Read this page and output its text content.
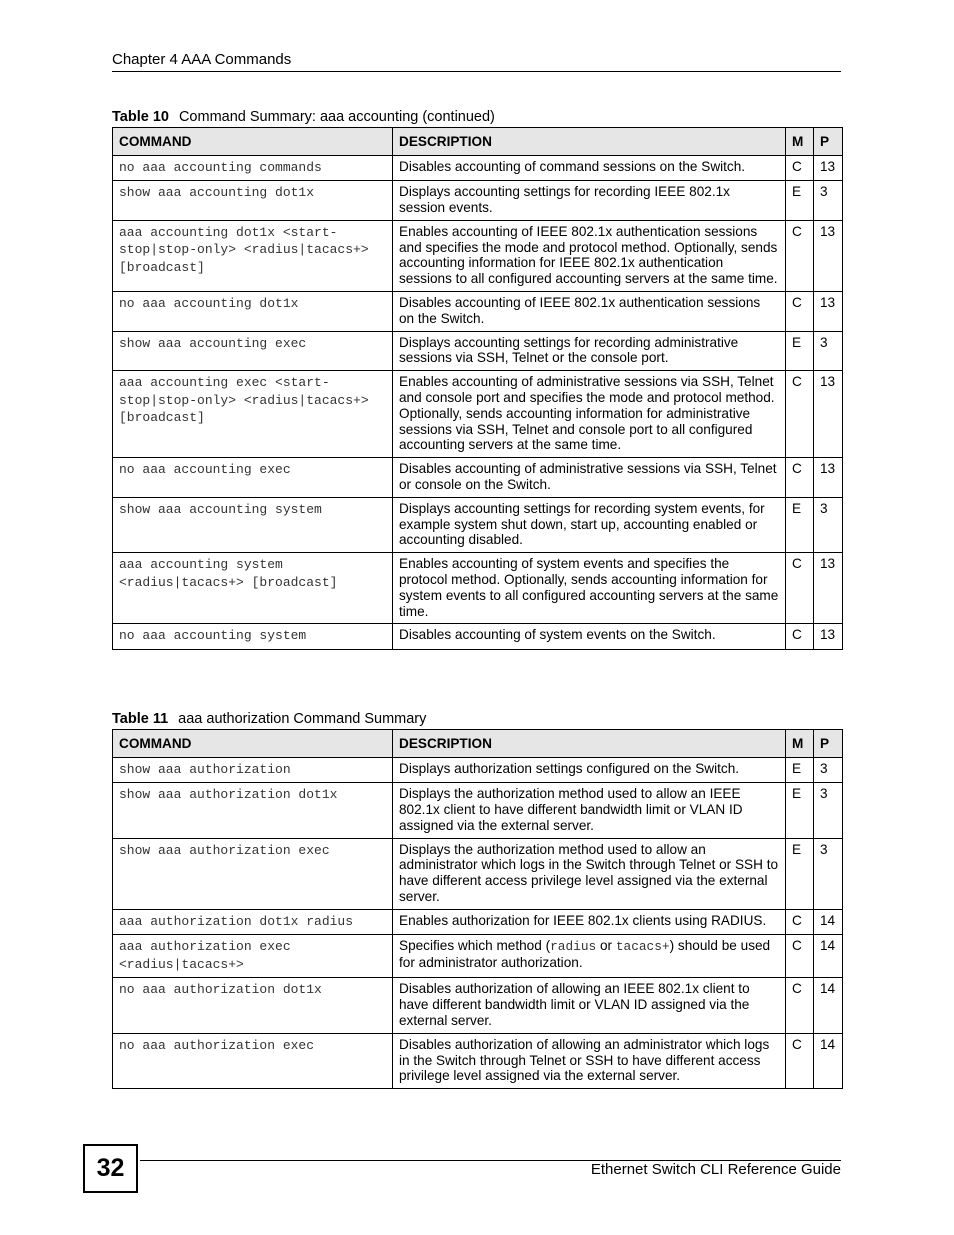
Chapter 4 AAA Commands
Table 10 Command Summary: aaa accounting (continued)
COMMAND	DESCRIPTION	M	P
no aaa accounting commands	Disables accounting of command sessions on the Switch.	C	13
show aaa accounting dot1x	Displays accounting settings for recording IEEE 802.1x session events.	E	3
aaa accounting dot1x <start-stop|stop-only> <radius|tacacs+> [broadcast]	Enables accounting of IEEE 802.1x authentication sessions and specifies the mode and protocol method. Optionally, sends accounting information for IEEE 802.1x authentication sessions to all configured accounting servers at the same time.	C	13
no aaa accounting dot1x	Disables accounting of IEEE 802.1x authentication sessions on the Switch.	C	13
show aaa accounting exec	Displays accounting settings for recording administrative sessions via SSH, Telnet or the console port.	E	3
aaa accounting exec <start-stop|stop-only> <radius|tacacs+> [broadcast]	Enables accounting of administrative sessions via SSH, Telnet and console port and specifies the mode and protocol method. Optionally, sends accounting information for administrative sessions via SSH, Telnet and console port to all configured accounting servers at the same time.	C	13
no aaa accounting exec	Disables accounting of administrative sessions via SSH, Telnet or console on the Switch.	C	13
show aaa accounting system	Displays accounting settings for recording system events, for example system shut down, start up, accounting enabled or accounting disabled.	E	3
aaa accounting system <radius|tacacs+> [broadcast]	Enables accounting of system events and specifies the protocol method. Optionally, sends accounting information for system events to all configured accounting servers at the same time.	C	13
no aaa accounting system	Disables accounting of system events on the Switch.	C	13
Table 11 aaa authorization Command Summary
COMMAND	DESCRIPTION	M	P
show aaa authorization	Displays authorization settings configured on the Switch.	E	3
show aaa authorization dot1x	Displays the authorization method used to allow an IEEE 802.1x client to have different bandwidth limit or VLAN ID assigned via the external server.	E	3
show aaa authorization exec	Displays the authorization method used to allow an administrator which logs in the Switch through Telnet or SSH to have different access privilege level assigned via the external server.	E	3
aaa authorization dot1x radius	Enables authorization for IEEE 802.1x clients using RADIUS.	C	14
aaa authorization exec <radius|tacacs+>	Specifies which method (radius or tacacs+) should be used for administrator authorization.	C	14
no aaa authorization dot1x	Disables authorization of allowing an IEEE 802.1x client to have different bandwidth limit or VLAN ID assigned via the external server.	C	14
no aaa authorization exec	Disables authorization of allowing an administrator which logs in the Switch through Telnet or SSH to have different access privilege level assigned via the external server.	C	14
32	Ethernet Switch CLI Reference Guide
